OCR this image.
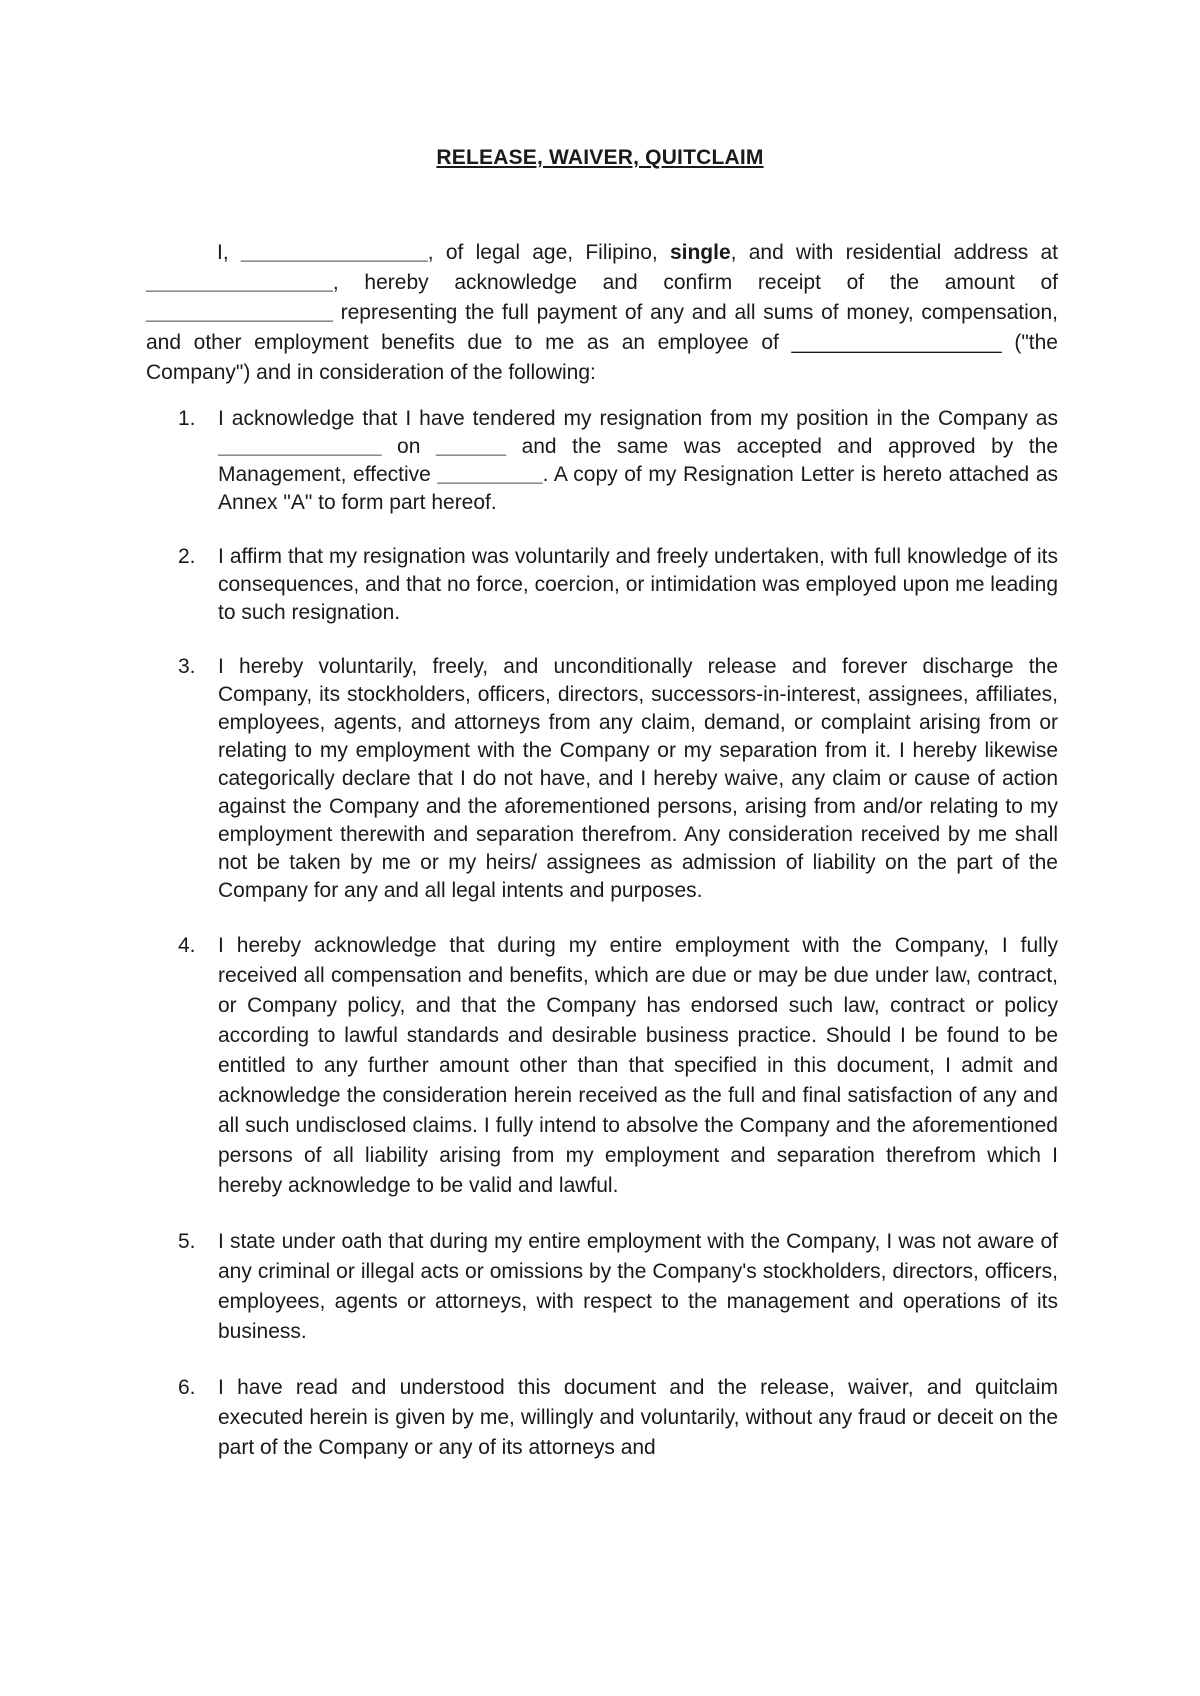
RELEASE, WAIVER, QUITCLAIM

I, ________________, of legal age, Filipino, single, and with residential address at ________________, hereby acknowledge and confirm receipt of the amount of ________________ representing the full payment of any and all sums of money, compensation, and other employment benefits due to me as an employee of __________________ ("the Company") and in consideration of the following:

1. I acknowledge that I have tendered my resignation from my position in the Company as ______________ on ______ and the same was accepted and approved by the Management, effective _________. A copy of my Resignation Letter is hereto attached as Annex "A" to form part hereof.
2. I affirm that my resignation was voluntarily and freely undertaken, with full knowledge of its consequences, and that no force, coercion, or intimidation was employed upon me leading to such resignation.
3. I hereby voluntarily, freely, and unconditionally release and forever discharge the Company, its stockholders, officers, directors, successors-in-interest, assignees, affiliates, employees, agents, and attorneys from any claim, demand, or complaint arising from or relating to my employment with the Company or my separation from it. I hereby likewise categorically declare that I do not have, and I hereby waive, any claim or cause of action against the Company and the aforementioned persons, arising from and/or relating to my employment therewith and separation therefrom. Any consideration received by me shall not be taken by me or my heirs/ assignees as admission of liability on the part of the Company for any and all legal intents and purposes.
4. I hereby acknowledge that during my entire employment with the Company, I fully received all compensation and benefits, which are due or may be due under law, contract, or Company policy, and that the Company has endorsed such law, contract or policy according to lawful standards and desirable business practice. Should I be found to be entitled to any further amount other than that specified in this document, I admit and acknowledge the consideration herein received as the full and final satisfaction of any and all such undisclosed claims. I fully intend to absolve the Company and the aforementioned persons of all liability arising from my employment and separation therefrom which I hereby acknowledge to be valid and lawful.
5. I state under oath that during my entire employment with the Company, I was not aware of any criminal or illegal acts or omissions by the Company's stockholders, directors, officers, employees, agents or attorneys, with respect to the management and operations of its business.
6. I have read and understood this document and the release, waiver, and quitclaim executed herein is given by me, willingly and voluntarily, without any fraud or deceit on the part of the Company or any of its attorneys and
